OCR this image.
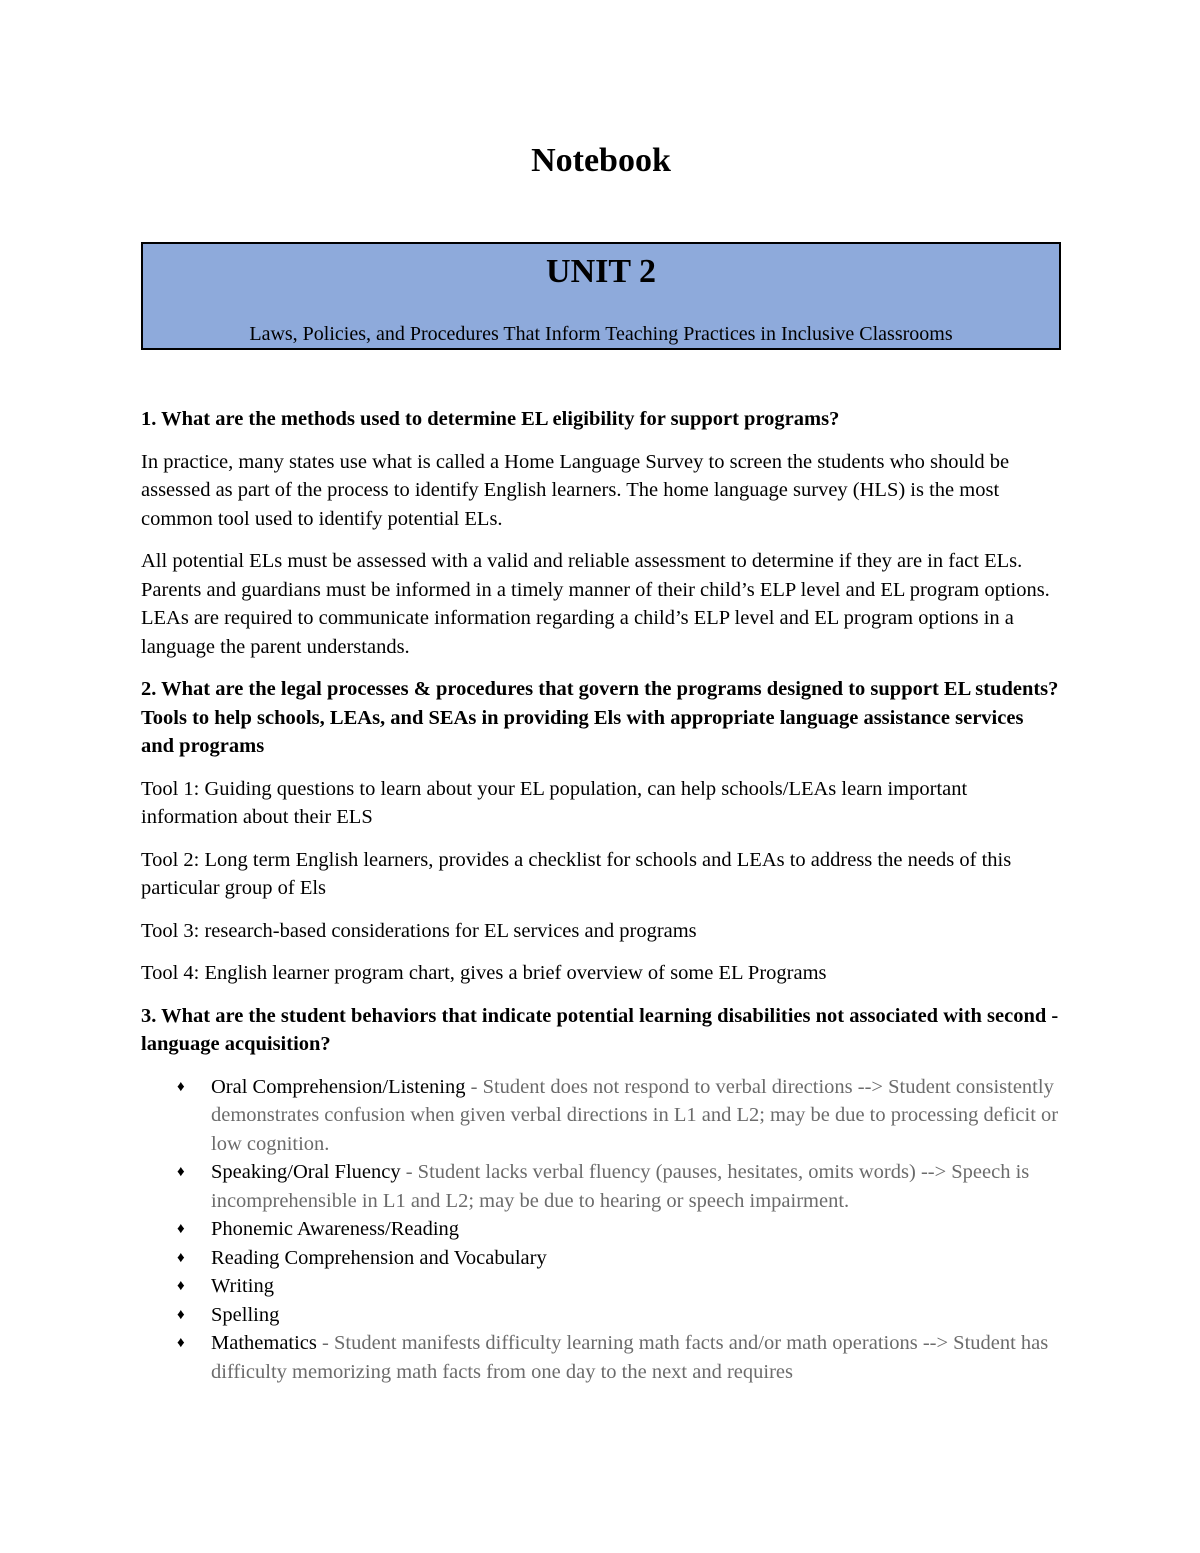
Notebook
UNIT 2
Laws, Policies, and Procedures That Inform Teaching Practices in Inclusive Classrooms

1. What are the methods used to determine EL eligibility for support programs?

In practice, many states use what is called a Home Language Survey to screen the students who should be assessed as part of the process to identify English learners. The home language survey (HLS) is the most common tool used to identify potential ELs.

All potential ELs must be assessed with a valid and reliable assessment to determine if they are in fact ELs. Parents and guardians must be informed in a timely manner of their child’s ELP level and EL program options. LEAs are required to communicate information regarding a child’s ELP level and EL program options in a language the parent understands.

2. What are the legal processes & procedures that govern the programs designed to support EL students? Tools to help schools, LEAs, and SEAs in providing Els with appropriate language assistance services and programs

Tool 1: Guiding questions to learn about your EL population, can help schools/LEAs learn important information about their ELS

Tool 2: Long term English learners, provides a checklist for schools and LEAs to address the needs of this particular group of Els

Tool 3: research-based considerations for EL services and programs

Tool 4: English learner program chart, gives a brief overview of some EL Programs

3. What are the student behaviors that indicate potential learning disabilities not associated with second - language acquisition?

♦ Oral Comprehension/Listening - Student does not respond to verbal directions --> Student consistently demonstrates confusion when given verbal directions in L1 and L2; may be due to processing deficit or low cognition.
♦ Speaking/Oral Fluency - Student lacks verbal fluency (pauses, hesitates, omits words) --> Speech is incomprehensible in L1 and L2; may be due to hearing or speech impairment.
♦ Phonemic Awareness/Reading
♦ Reading Comprehension and Vocabulary
♦ Writing
♦ Spelling
♦ Mathematics - Student manifests difficulty learning math facts and/or math operations --> Student has difficulty memorizing math facts from one day to the next and requires
